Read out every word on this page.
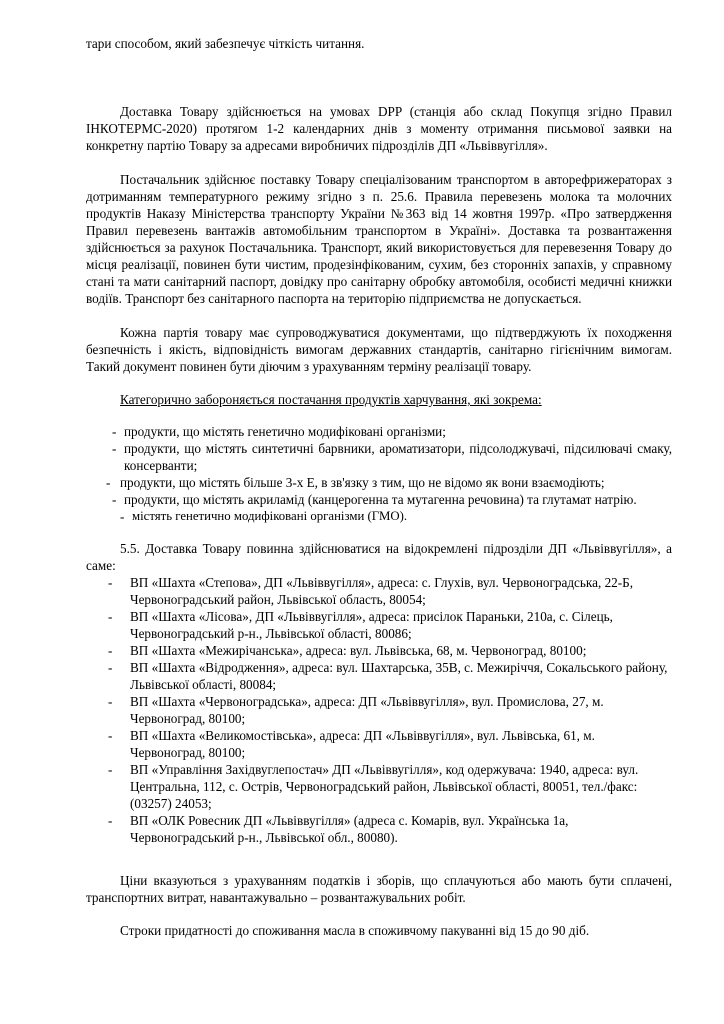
тари способом, який забезпечує чіткість читання.

Доставка Товару здійснюється на умовах DPP (станція або склад Покупця згідно Правил ІНКОТЕРМС-2020) протягом 1-2 календарних днів з моменту отримання письмової заявки на конкретну партію Товару за адресами виробничих підрозділів ДП «Львіввугілля».

Постачальник здійснює поставку Товару спеціалізованим транспортом в авторефрижераторах з дотриманням температурного режиму згідно з п. 25.6. Правила перевезень молока та молочних продуктів Наказу Міністерства транспорту України №363 від 14 жовтня 1997р. «Про затвердження Правил перевезень вантажів автомобільним транспортом в Україні». Доставка та розвантаження здійснюється за рахунок Постачальника. Транспорт, який використовується для перевезення Товару до місця реалізації, повинен бути чистим, продезінфікованим, сухим, без сторонніх запахів, у справному стані та мати санітарний паспорт, довідку про санітарну обробку автомобіля, особисті медичні книжки водіїв. Транспорт без санітарного паспорта на територію підприємства не допускається.

Кожна партія товару має супроводжуватися документами, що підтверджують їх походження безпечність і якість, відповідність вимогам державних стандартів, санітарно гігієнічним вимогам. Такий документ повинен бути діючим з урахуванням терміну реалізації товару.

Категорично забороняється постачання продуктів харчування, які зокрема:

- продукти, що містять генетично модифіковані організми;
- продукти, що містять синтетичні барвники, ароматизатори, підсолоджувачі, підсилювачі смаку, консерванти;
- продукти, що містять більше 3-х Е, в зв'язку з тим, що не відомо як вони взаємодіють;
- продукти, що містять акриламід (канцерогенна та мутагенна речовина) та глутамат натрію.
- містять генетично модифіковані організми (ГМО).

5.5. Доставка Товару повинна здійснюватися на відокремлені підрозділи ДП «Львіввугілля», а саме:

- ВП «Шахта «Степова», ДП «Львіввугілля», адреса: с. Глухів, вул. Червоноградська, 22-Б, Червоноградський район, Львівської область, 80054;
- ВП «Шахта «Лісова», ДП «Львіввугілля», адреса: присілок Параньки, 210а, с. Сілець, Червоноградський р-н., Львівської області, 80086;
- ВП «Шахта «Межирічанська», адреса: вул. Львівська, 68, м. Червоноград, 80100;
- ВП «Шахта «Відродження», адреса: вул. Шахтарська, 35В, с. Межиріччя, Сокальського району, Львівської області, 80084;
- ВП «Шахта «Червоноградська», адреса: ДП «Львіввугілля», вул. Промислова, 27, м. Червоноград, 80100;
- ВП «Шахта «Великомостівська», адреса: ДП «Львіввугілля», вул. Львівська, 61, м. Червоноград, 80100;
- ВП «Управління Західвуглепостач» ДП «Львіввугілля», код одержувача: 1940, адреса: вул. Центральна, 112, с. Острів, Червоноградський район, Львівської області, 80051, тел./факс: (03257) 24053;
- ВП «ОЛК Ровесник ДП «Львіввугілля» (адреса с. Комарів, вул. Українська 1а, Червоноградський р-н., Львівської обл., 80080).

Ціни вказуються з урахуванням податків і зборів, що сплачуються або мають бути сплачені, транспортних витрат, навантажувально – розвантажувальних робіт.

Строки придатності до споживання масла в споживчому пакуванні від 15 до 90 діб.
